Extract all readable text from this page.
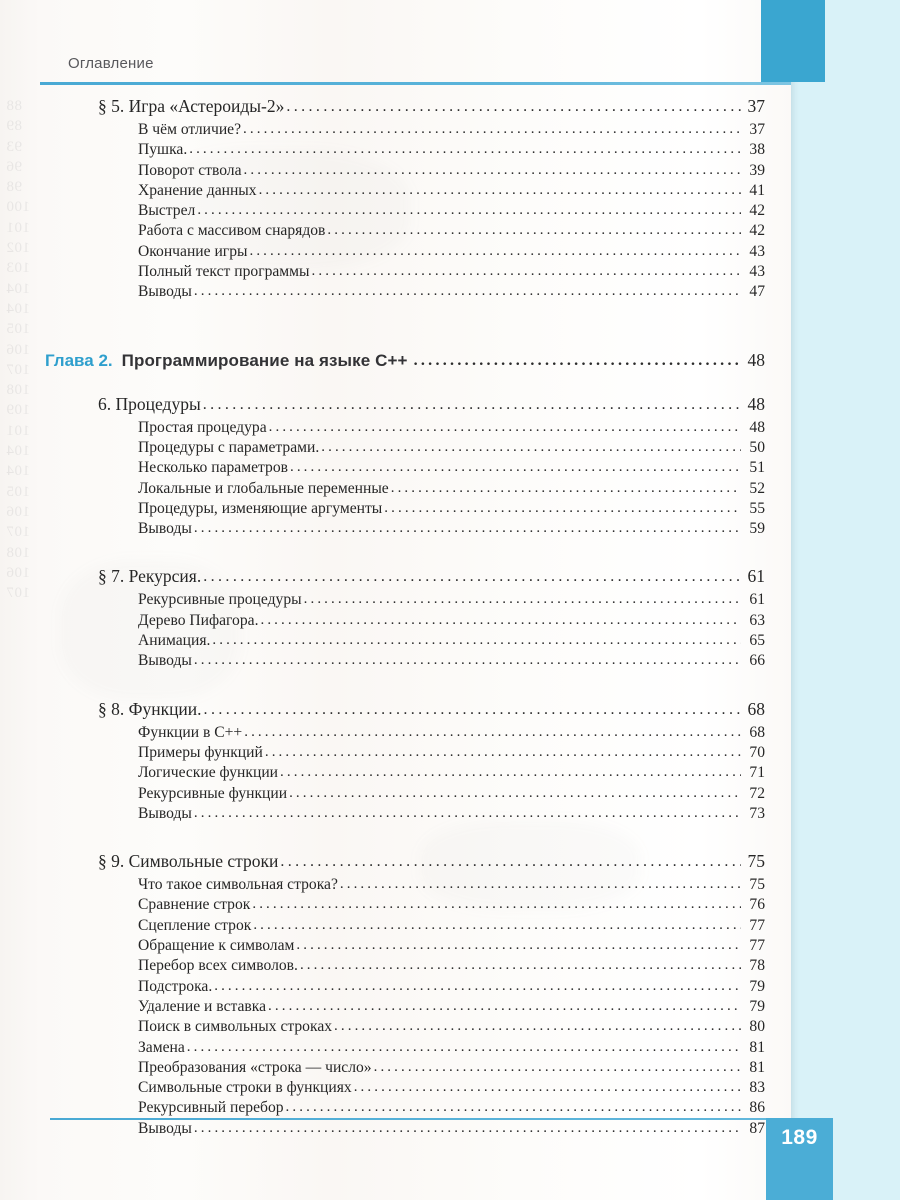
88
89
93
96
98
100
101
102
103
104
104
105
106
107
108
109
101
104
104
105
106
107
108
106
107
Оглавление
§ 5. Игра «Астероиды-2» .....	37
В чём отличие? .....	37
Пушка. .....	38
Поворот ствола .....	39
Хранение данных .....	41
Выстрел .....	42
Работа с массивом снарядов .....	42
Окончание игры .....	43
Полный текст программы .....	43
Выводы .....	47
Глава 2. Программирование на языке С++ .....	48
6. Процедуры .....	48
Простая процедура .....	48
Процедуры с параметрами. .....	50
Несколько параметров .....	51
Локальные и глобальные переменные .....	52
Процедуры, изменяющие аргументы .....	55
Выводы .....	59
§ 7. Рекурсия. .....	61
Рекурсивные процедуры .....	61
Дерево Пифагора. .....	63
Анимация. .....	65
Выводы .....	66
§ 8. Функции. .....	68
Функции в С++ .....	68
Примеры функций .....	70
Логические функции .....	71
Рекурсивные функции .....	72
Выводы .....	73
§ 9. Символьные строки .....	75
Что такое символьная строка? .....	75
Сравнение строк .....	76
Сцепление строк .....	77
Обращение к символам .....	77
Перебор всех символов. .....	78
Подстрока. .....	79
Удаление и вставка .....	79
Поиск в символьных строках .....	80
Замена .....	81
Преобразования «строка — число» .....	81
Символьные строки в функциях .....	83
Рекурсивный перебор .....	86
Выводы .....	87 189
